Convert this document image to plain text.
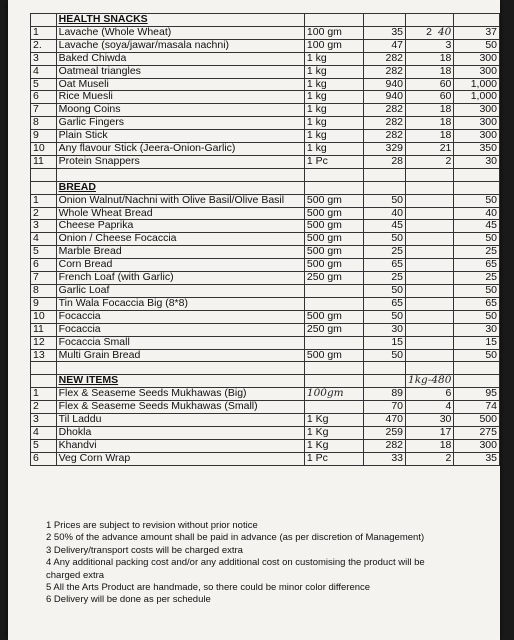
	HEALTH SNACKS				
1	Lavache (Whole Wheat)	100 gm	35	2 40	37
2.	Lavache (soya/jawar/masala nachni)	100 gm	47	3	50
3	Baked Chiwda	1 kg	282	18	300
4	Oatmeal triangles	1 kg	282	18	300
5	Oat Museli	1 kg	940	60	1,000
6	Rice Muesli	1 kg	940	60	1,000
7	Moong Coins	1 kg	282	18	300
8	Garlic Fingers	1 kg	282	18	300
9	Plain Stick	1 kg	282	18	300
10	Any flavour Stick (Jeera-Onion-Garlic)	1 kg	329	21	350
11	Protein Snappers	1 Pc	28	2	30

	BREAD				
1	Onion Walnut/Nachni with Olive Basil/Olive Basil	500 gm	50		50
2	Whole Wheat Bread	500 gm	40		40
3	Cheese Paprika	500 gm	45		45
4	Onion / Cheese Focaccia	500 gm	50		50
5	Marble Bread	500 gm	25		25
6	Corn Bread	500 gm	65		65
7	French Loaf (with Garlic)	250 gm	25		25
8	Garlic Loaf		50		50
9	Tin Wala Focaccia Big (8*8)		65		65
10	Focaccia	500 gm	50		50
11	Focaccia	250 gm	30		30
12	Focaccia Small		15		15
13	Multi Grain Bread	500 gm	50		50

	NEW ITEMS			1kg-480	
1	Flex & Seaseme Seeds Mukhawas (Big)	100gm	89	6	95
2	Flex & Seaseme Seeds Mukhawas (Small)		70	4	74
3	Til Laddu	1 Kg	470	30	500
4	Dhokla	1 Kg	259	17	275
5	Khandvi	1 Kg	282	18	300
6	Veg Corn Wrap	1 Pc	33	2	35
1 Prices are subject to revision without prior notice
2 50% of the advance amount shall be paid in advance (as per discretion of Management)
3 Delivery/transport costs will be charged extra
4 Any additional packing cost and/or any additional cost on customising the product will be
charged extra
5 All the Arts Product are handmade, so there could be minor color difference
6 Delivery will be done as per schedule
